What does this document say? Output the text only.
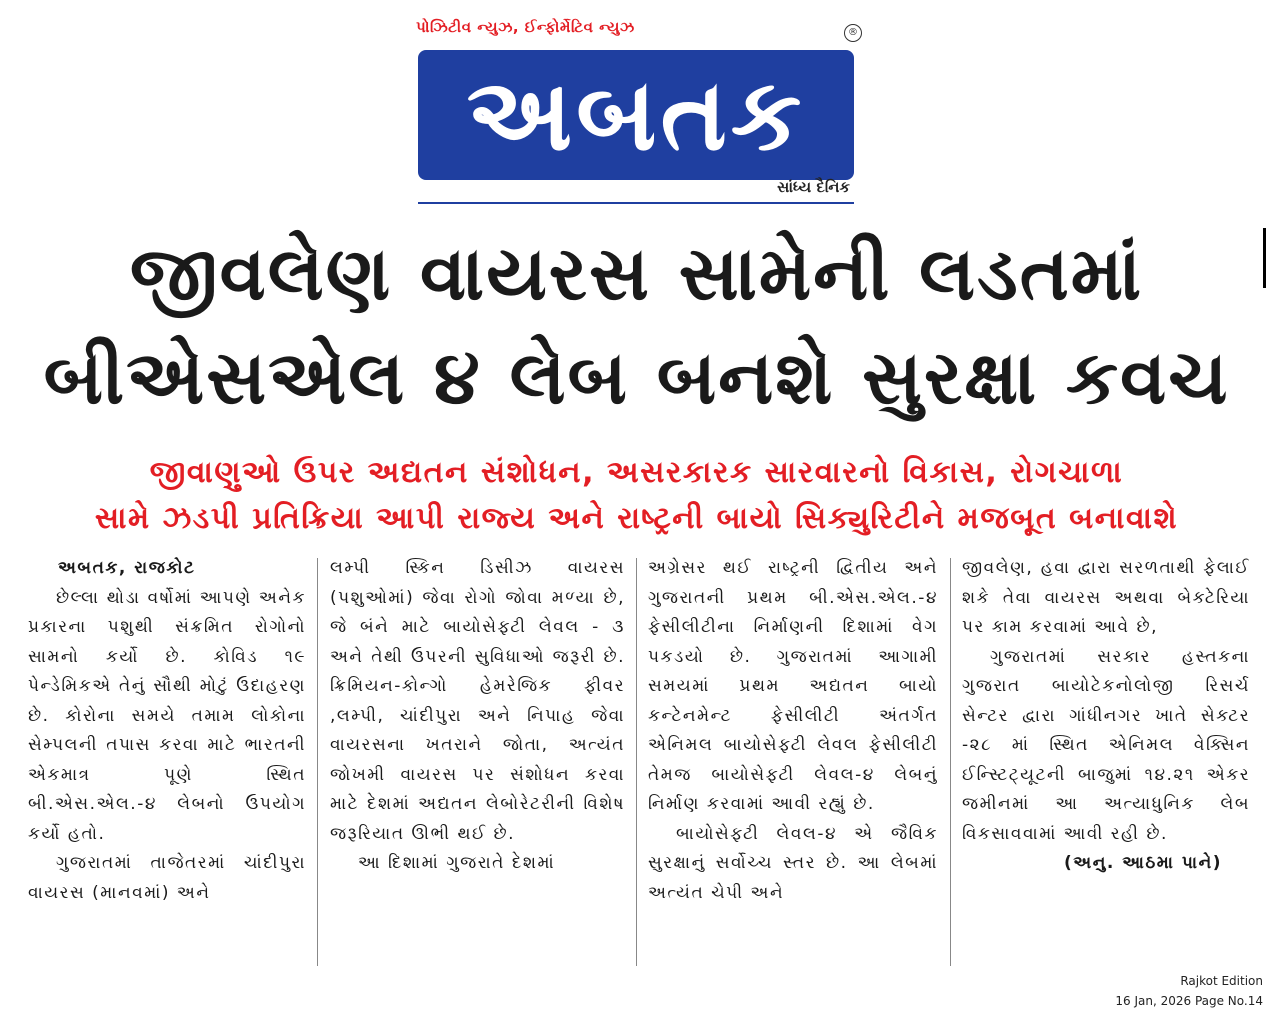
પોઝિટીવ ન્યુઝ, ઈન્ફોર્મેટિવ ન્યુઝ	®
અબતક
સાંધ્ય દૈનિક
જીવલેણ વાયરસ સામેની લડતમાં
બીએસએલ ૪ લેબ બનશે સુરક્ષા કવચ
જીવાણુઓ ઉપર અદ્યતન સંશોધન, અસરકારક સારવારનો વિકાસ, રોગચાળા
સામે ઝડપી પ્રતિક્રિયા આપી રાજ્ય અને રાષ્ટ્રની બાયો સિક્યુરિટીને મજબૂત બનાવાશે
અબતક, રાજકોટ

છેલ્લા થોડા વર્ષોમાં આપણે અનેક પ્રકારના પશુથી સંક્રમિત રોગોનો સામનો કર્યો છે. કોવિડ ૧૯ પેન્ડેમિકએ તેનું સૌથી મોટું ઉદાહરણ છે. કોરોના સમયે તમામ લોકોના સેમ્પલની તપાસ કરવા માટે ભારતની એકમાત્ર પૂણે સ્થિત બી.એસ.એલ.-૪ લેબનો ઉપયોગ કર્યો હતો.

ગુજરાતમાં તાજેતરમાં ચાંદીપુરા વાયરસ (માનવમાં) અને

લમ્પી સ્કિન ડિસીઝ વાયરસ (પશુઓમાં) જેવા રોગો જોવા મળ્યા છે, જે બંને માટે બાયોસેફ્ટી લેવલ - ૩ અને તેથી ઉપરની સુવિધાઓ જરૂરી છે. ક્રિમિયન-કોન્ગો હેમરેજિક ફીવર ,લમ્પી, ચાંદીપુરા અને નિપાહ જેવા વાયરસના ખતરાને જોતા, અત્યંત જોખમી વાયરસ પર સંશોધન કરવા માટે દેશમાં અદ્યતન લેબોરેટરીની વિશેષ જરૂરિયાત ઊભી થઈ છે.

આ દિશામાં ગુજરાતે દેશમાં

અગ્રેસર થઈ રાષ્ટ્રની દ્વિતીય અને ગુજરાતની પ્રથમ બી.એસ.એલ.-૪ ફેસીલીટીના નિર્માણની દિશામાં વેગ પકડયો છે. ગુજરાતમાં આગામી સમયમાં પ્રથમ અદ્યતન બાયો કન્ટેનમેન્ટ ફેસીલીટી અંતર્ગત એનિમલ બાયોસેફ્ટી લેવલ ફેસીલીટી તેમજ બાયોસેફ્ટી લેવલ-૪ લેબનું નિર્માણ કરવામાં આવી રહ્યું છે.

બાયોસેફ્ટી લેવલ-૪ એ જૈવિક સુરક્ષાનું સર્વોચ્ચ સ્તર છે. આ લેબમાં અત્યંત ચેપી અને

જીવલેણ, હવા દ્વારા સરળતાથી ફેલાઈ શકે તેવા વાયરસ અથવા બેક્ટેરિયા પર કામ કરવામાં આવે છે,

ગુજરાતમાં સરકાર હસ્તકના ગુજરાત બાયોટેકનોલોજી રિસર્ચ સેન્ટર દ્વારા ગાંધીનગર ખાતે સેક્ટર -૨૮ માં સ્થિત એનિમલ વેક્સિન ઈન્સ્ટિટ્યૂટની બાજુમાં ૧૪.૨૧ એકર જમીનમાં આ અત્યાધુનિક લેબ વિકસાવવામાં આવી રહી છે.

(અનુ. આઠમા પાને)
Rajkot Edition
16 Jan, 2026 Page No.14
